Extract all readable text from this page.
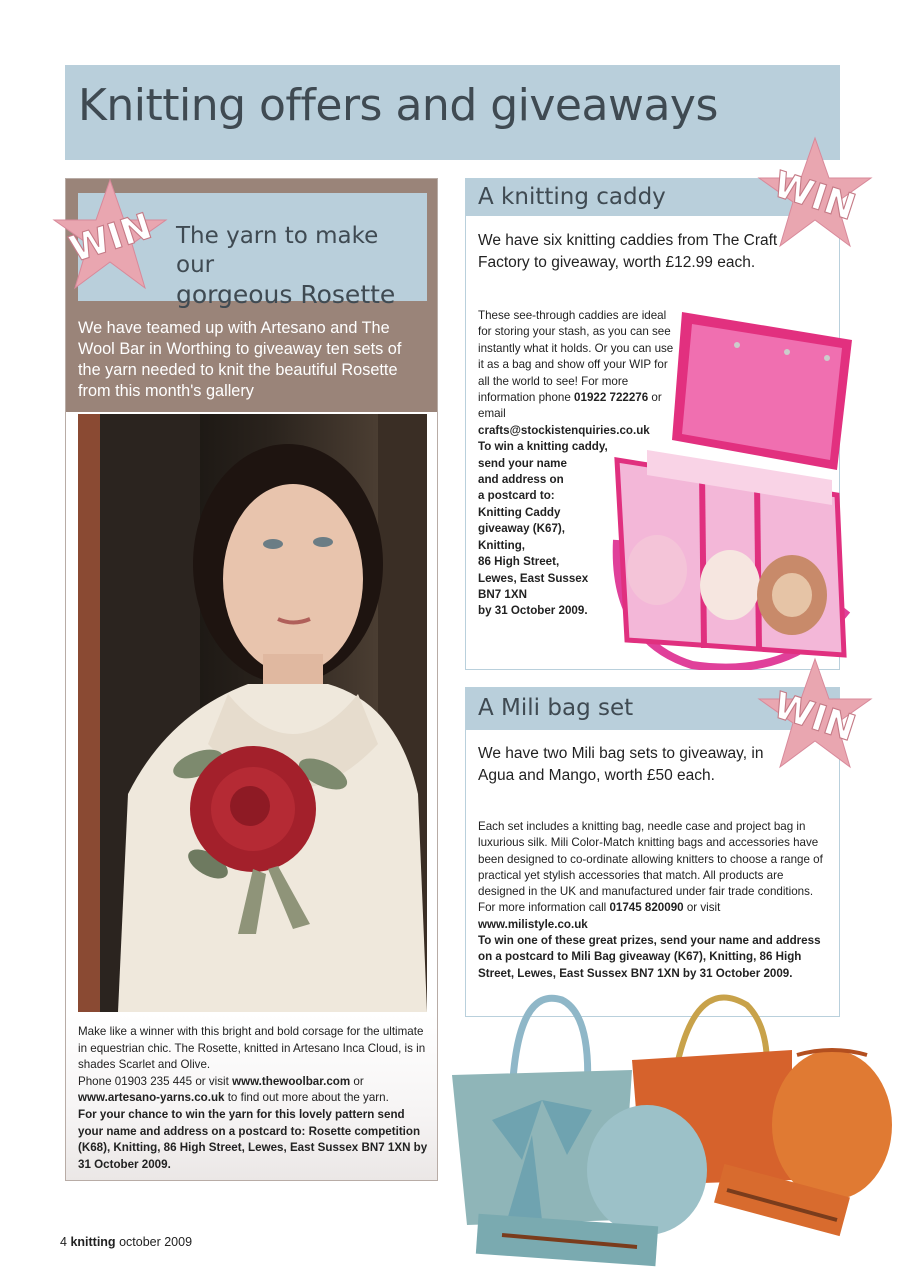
Knitting offers and giveaways
The yarn to make our
gorgeous Rosette
We have teamed up with Artesano and The Wool Bar in Worthing to giveaway ten sets of the yarn needed to knit the beautiful Rosette from this month's gallery
Make like a winner with this bright and bold corsage for the ultimate in equestrian chic. The Rosette, knitted in Artesano Inca Cloud, is in shades Scarlet and Olive.
Phone 01903 235 445 or visit www.thewoolbar.com or www.artesano-yarns.co.uk to find out more about the yarn.
For your chance to win the yarn for this lovely pattern send your name and address on a postcard to: Rosette competition (K68), Knitting, 86 High Street, Lewes, East Sussex BN7 1XN by 31 October 2009.
WIN
A knitting caddy
We have six knitting caddies from The Craft Factory to giveaway, worth £12.99 each.
These see-through caddies are ideal for storing your stash, as you can see instantly what it holds. Or you can use it as a bag and show off your WIP for all the world to see! For more information phone 01922 722276 or email
crafts@stockistenquiries.co.uk
To win a knitting caddy,
send your name
and address on
a postcard to:
Knitting Caddy
giveaway (K67),
Knitting,
86 High Street,
Lewes, East Sussex
BN7 1XN
by 31 October 2009.
WIN
A Mili bag set
We have two Mili bag sets to giveaway, in Agua and Mango, worth £50 each.
Each set includes a knitting bag, needle case and project bag in luxurious silk. Mili Color-Match knitting bags and accessories have been designed to co-ordinate allowing knitters to choose a range of practical yet stylish accessories that match. All products are designed in the UK and manufactured under fair trade conditions. For more information call 01745 820090 or visit www.milistyle.co.uk
To win one of these great prizes, send your name and address on a postcard to Mili Bag giveaway (K67), Knitting, 86 High Street, Lewes, East Sussex BN7 1XN by 31 October 2009.
WIN
4 knitting october 2009
